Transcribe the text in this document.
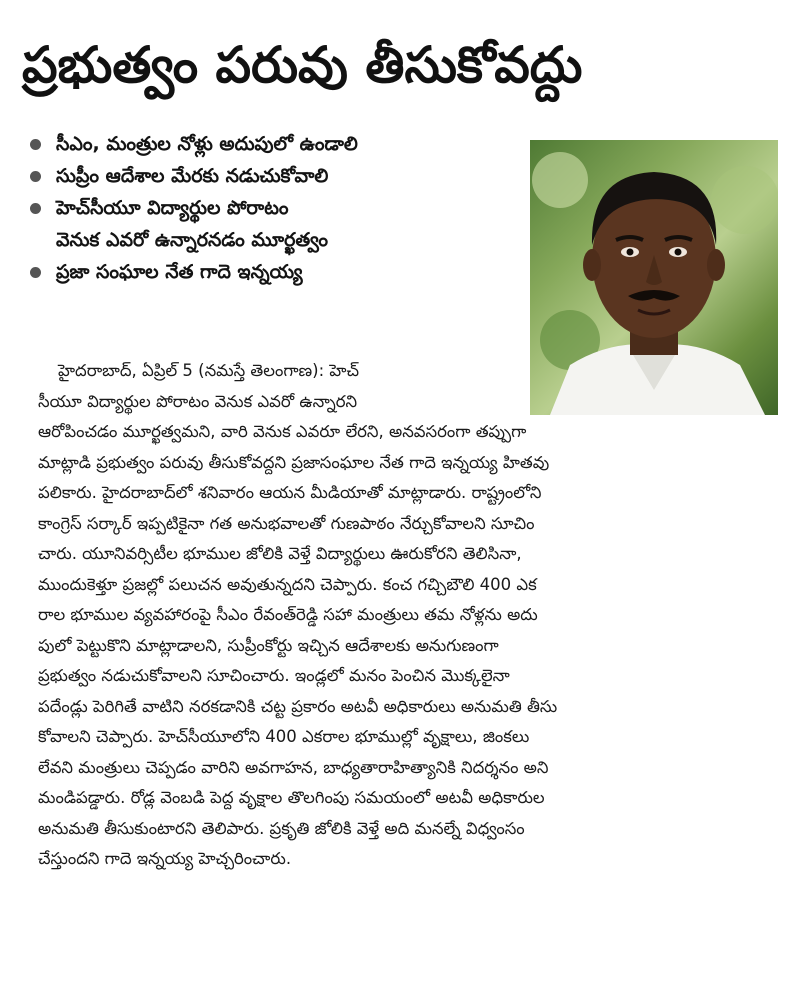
ప్రభుత్వం పరువు తీసుకోవద్దు
సీఎం, మంత్రుల నోళ్లు అదుపులో ఉండాలి
సుప్రీం ఆదేశాల మేరకు నడుచుకోవాలి
హెచ్‌సీయూ విద్యార్థుల పోరాటం
వెనుక ఎవరో ఉన్నారనడం మూర్ఖత్వం
ప్రజా సంఘాల నేత గాదె ఇన్నయ్య
హైదరాబాద్, ఏప్రిల్ 5 (నమస్తే తెలంగాణ): హెచ్
సీయూ విద్యార్థుల పోరాటం వెనుక ఎవరో ఉన్నారని
ఆరోపించడం మూర్ఖత్వమని, వారి వెనుక ఎవరూ లేరని, అనవసరంగా తప్పుగా
మాట్లాడి ప్రభుత్వం పరువు తీసుకోవద్దని ప్రజాసంఘాల నేత గాదె ఇన్నయ్య హితవు
పలికారు. హైదరాబాద్‌లో శనివారం ఆయన మీడియాతో మాట్లాడారు. రాష్ట్రంలోని
కాంగ్రెస్ సర్కార్ ఇప్పటికైనా గత అనుభవాలతో గుణపాఠం నేర్చుకోవాలని సూచిం
చారు. యూనివర్సిటీల భూముల జోలికి వెళ్తే విద్యార్థులు ఊరుకోరని తెలిసినా,
ముందుకెళ్తూ ప్రజల్లో పలుచన అవుతున్నదని చెప్పారు. కంచ గచ్చిబౌలి 400 ఎక
రాల భూముల వ్యవహారంపై సీఎం రేవంత్‌రెడ్డి సహా మంత్రులు తమ నోళ్లను అదు
పులో పెట్టుకొని మాట్లాడాలని, సుప్రీంకోర్టు ఇచ్చిన ఆదేశాలకు అనుగుణంగా
ప్రభుత్వం నడుచుకోవాలని సూచించారు. ఇండ్లలో మనం పెంచిన మొక్కలైనా
పదేండ్లు పెరిగితే వాటిని నరకడానికి చట్ట ప్రకారం అటవీ అధికారులు అనుమతి తీసు
కోవాలని చెప్పారు. హెచ్‌సీయూలోని 400 ఎకరాల భూముల్లో వృక్షాలు, జింకలు
లేవని మంత్రులు చెప్పడం వారిని అవగాహన, బాధ్యతారాహిత్యానికి నిదర్శనం అని
మండిపడ్డారు. రోడ్ల వెంబడి పెద్ద వృక్షాల తొలగింపు సమయంలో అటవీ అధికారుల
అనుమతి తీసుకుంటారని తెలిపారు. ప్రకృతి జోలికి వెళ్తే అది మనల్నే విధ్వంసం
చేస్తుందని గాదె ఇన్నయ్య హెచ్చరించారు.
